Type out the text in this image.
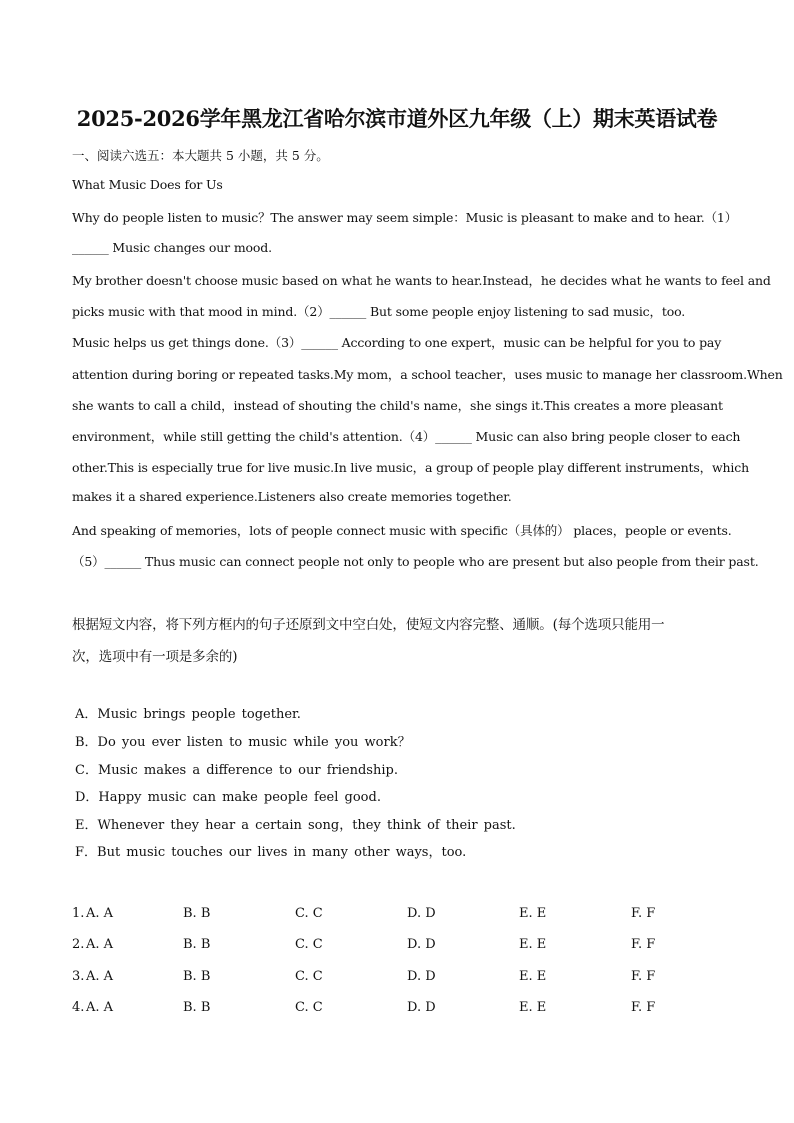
2025-2026学年黑龙江省哈尔滨市道外区九年级（上）期末英语试卷
一、阅读六选五：本大题共 5 小题，共 5 分。
What Music Does for Us
Why do people listen to music？The answer may seem simple：Music is pleasant to make and to hear.（1）
______ Music changes our mood.
My brother doesn't choose music based on what he wants to hear.Instead，he decides what he wants to feel and
picks music with that mood in mind.（2）______ But some people enjoy listening to sad music，too.
Music helps us get things done.（3）______ According to one expert，music can be helpful for you to pay
attention during boring or repeated tasks.My mom，a school teacher，uses music to manage her classroom.When
she wants to call a child，instead of shouting the child's name，she sings it.This creates a more pleasant
environment，while still getting the child's attention.（4）______ Music can also bring people closer to each
other.This is especially true for live music.In live music，a group of people play different instruments，which
makes it a shared experience.Listeners also create memories together.
And speaking of memories，lots of people connect music with specific（具体的） places，people or events.
（5）______ Thus music can connect people not only to people who are present but also people from their past.
根据短文内容，将下列方框内的句子还原到文中空白处，使短文内容完整、通顺。(每个选项只能用一
次，选项中有一项是多余的)
A．Music brings people together.
B．Do you ever listen to music while you work？
C．Music makes a difference to our friendship.
D．Happy music can make people feel good.
E．Whenever they hear a certain song，they think of their past.
F．But music touches our lives in many other ways，too.
1. A. A	B. B	C. C	D. D	E. E	F. F
2. A. A	B. B	C. C	D. D	E. E	F. F
3. A. A	B. B	C. C	D. D	E. E	F. F
4. A. A	B. B	C. C	D. D	E. E	F. F
